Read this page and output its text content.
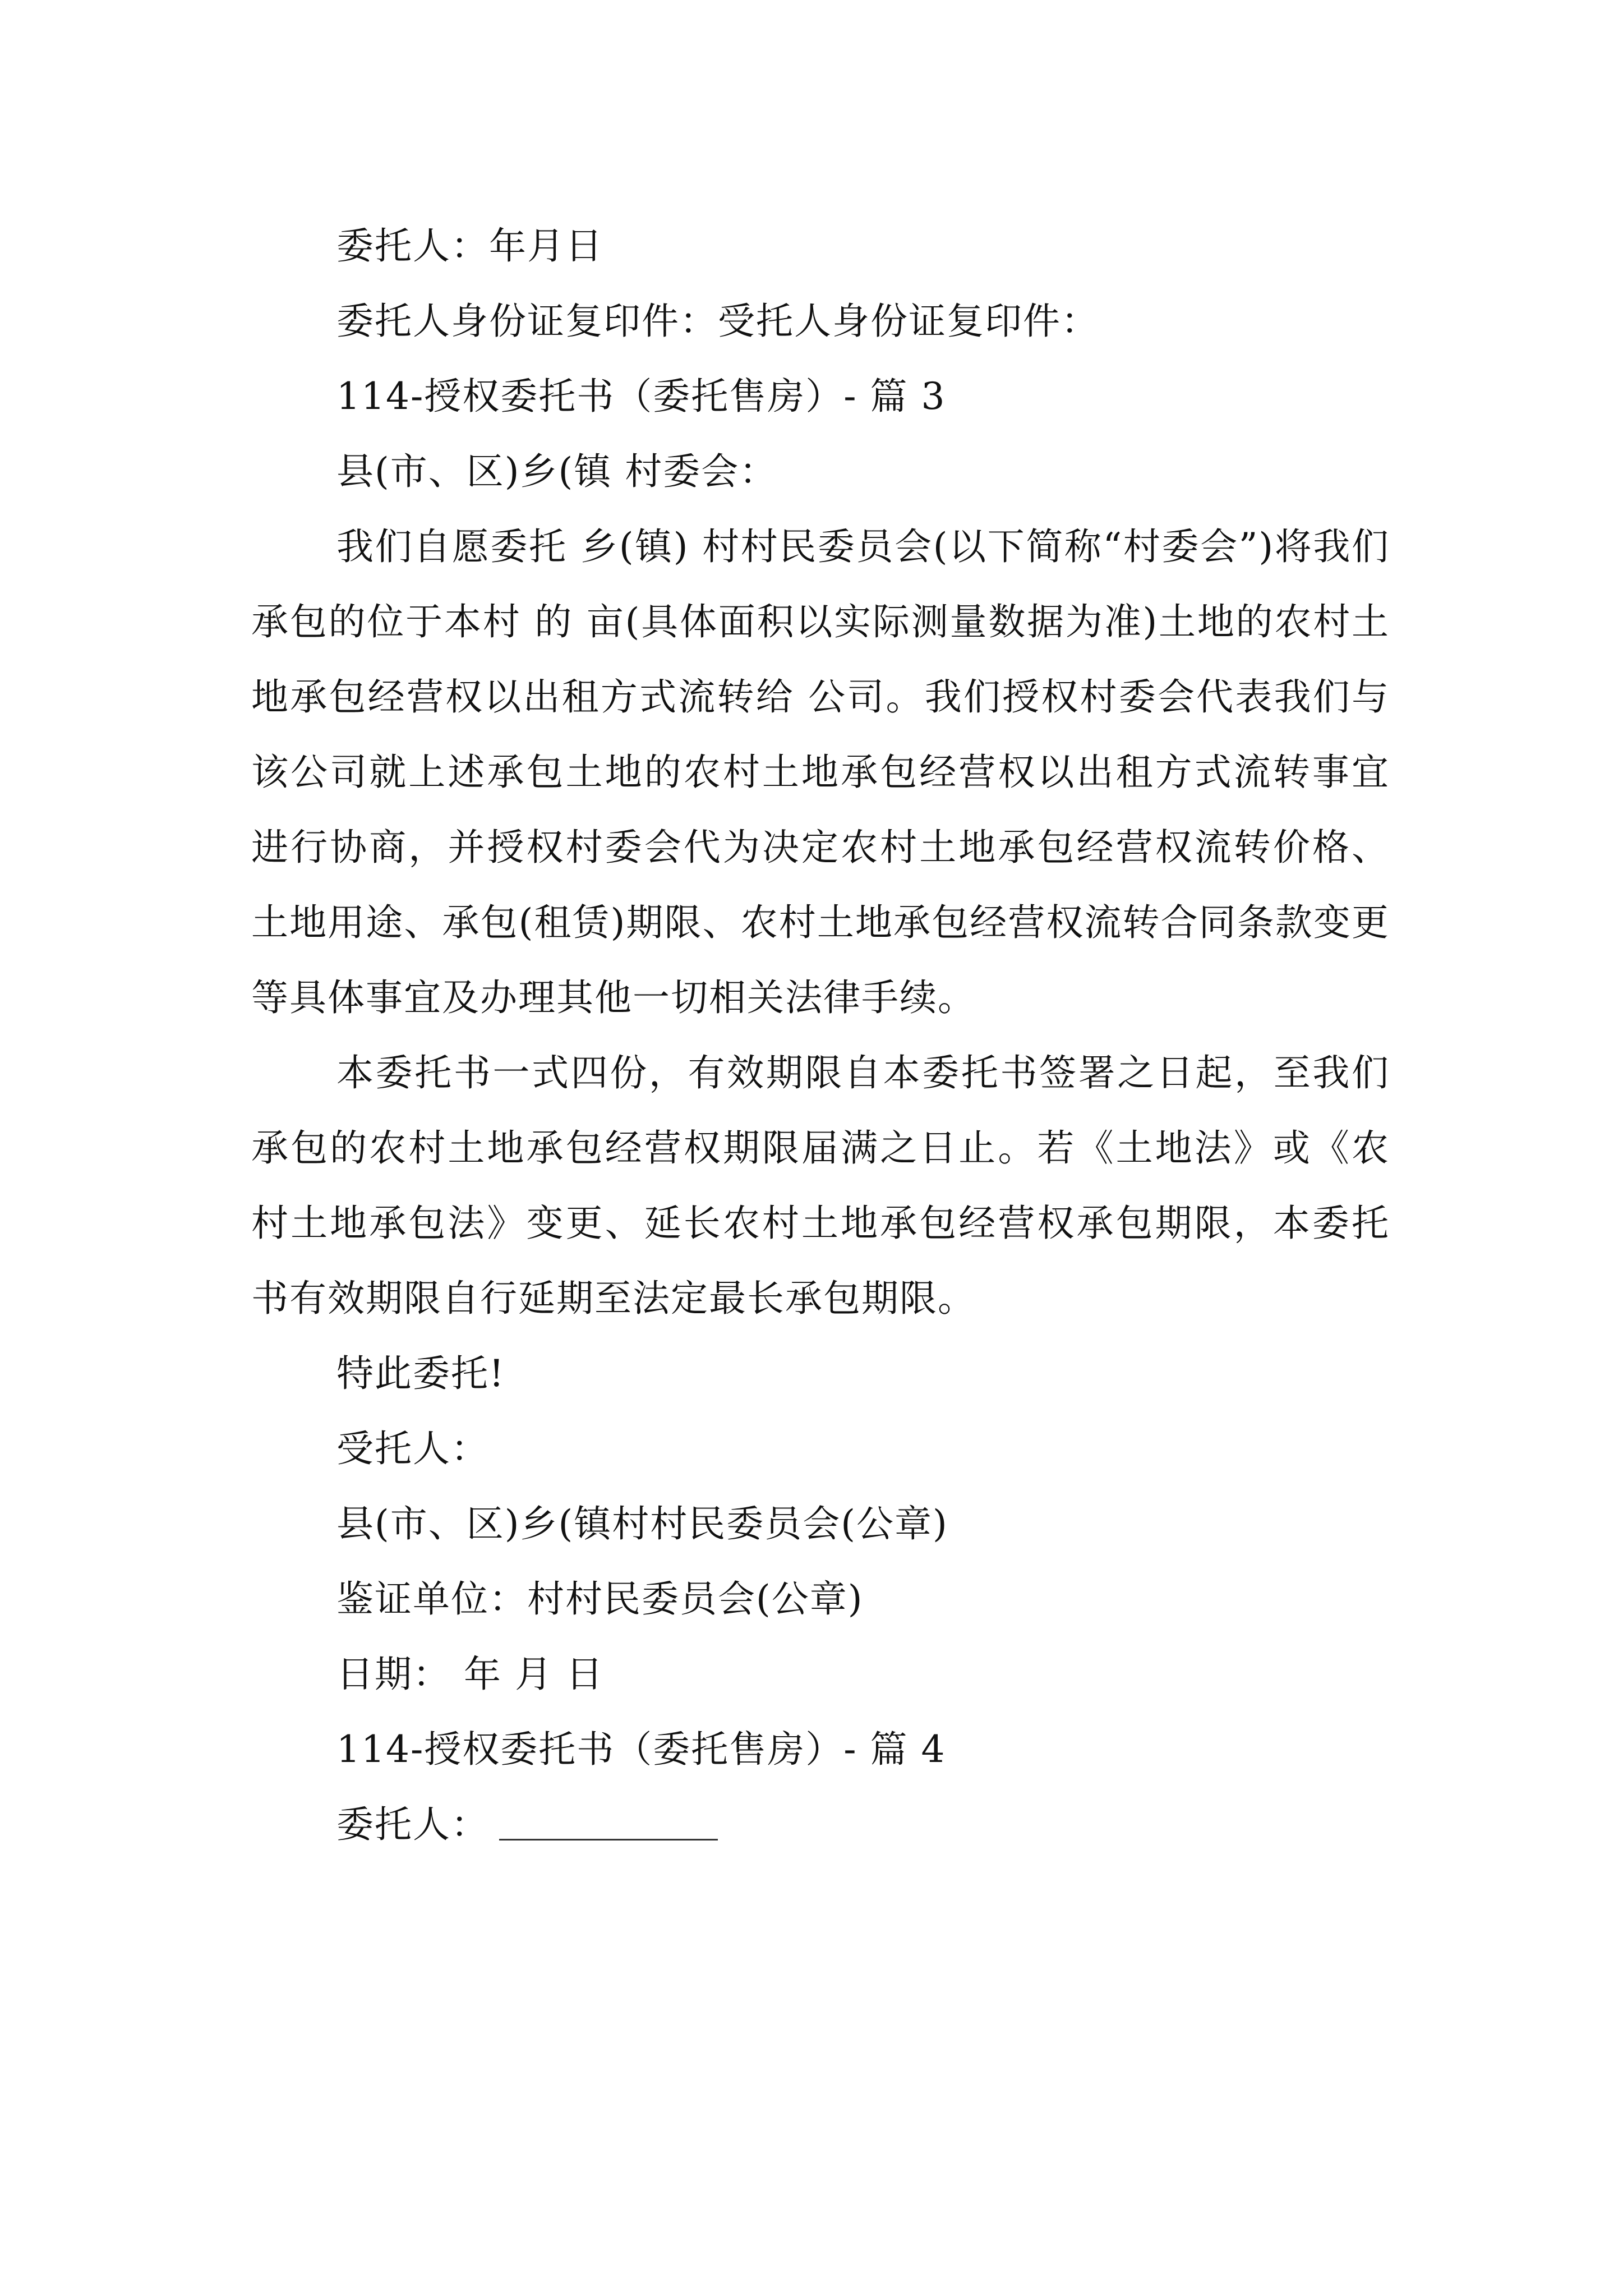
委托人：年月日
委托人身份证复印件：受托人身份证复印件：
114-授权委托书（委托售房）- 篇 3
县(市、区)乡(镇 村委会：

我们自愿委托 乡(镇) 村村民委员会(以下简称“村委会”)将我们承包的位于本村 的 亩(具体面积以实际测量数据为准)土地的农村土地承包经营权以出租方式流转给 公司。我们授权村委会代表我们与该公司就上述承包土地的农村土地承包经营权以出租方式流转事宜进行协商，并授权村委会代为决定农村土地承包经营权流转价格、土地用途、承包(租赁)期限、农村土地承包经营权流转合同条款变更等具体事宜及办理其他一切相关法律手续。

本委托书一式四份，有效期限自本委托书签署之日起，至我们承包的农村土地承包经营权期限届满之日止。若《土地法》或《农村土地承包法》变更、延长农村土地承包经营权承包期限，本委托书有效期限自行延期至法定最长承包期限。

特此委托!
受托人：
县(市、区)乡(镇村村民委员会(公章)
鉴证单位：村村民委员会(公章)
日期： 年 月 日
114-授权委托书（委托售房）- 篇 4
委托人：
